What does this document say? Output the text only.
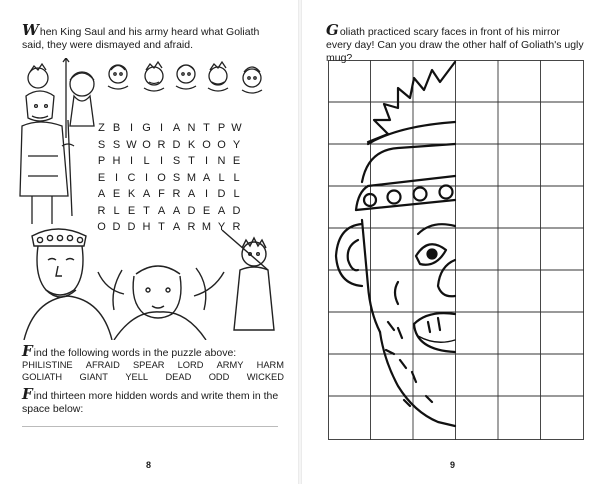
When King Saul and his army heard what Goliath said, they were dismayed and afraid.

Z B I G I A N T P W
S S W O R D K O O Y
P H I L I S T I N E
E I C I O S M A L L
A E K A F R A I D L
R L E T A A D E A D
O D D H T A R M Y R

Find the following words in the puzzle above:

PHILISTINE AFRAID SPEAR LORD ARMY HARM
GOLIATH GIANT YELL DEAD ODD WICKED

Find thirteen more hidden words and write them in the space below:

8

Goliath practiced scary faces in front of his mirror every day! Can you draw the other half of Goliath's ugly mug?

9
